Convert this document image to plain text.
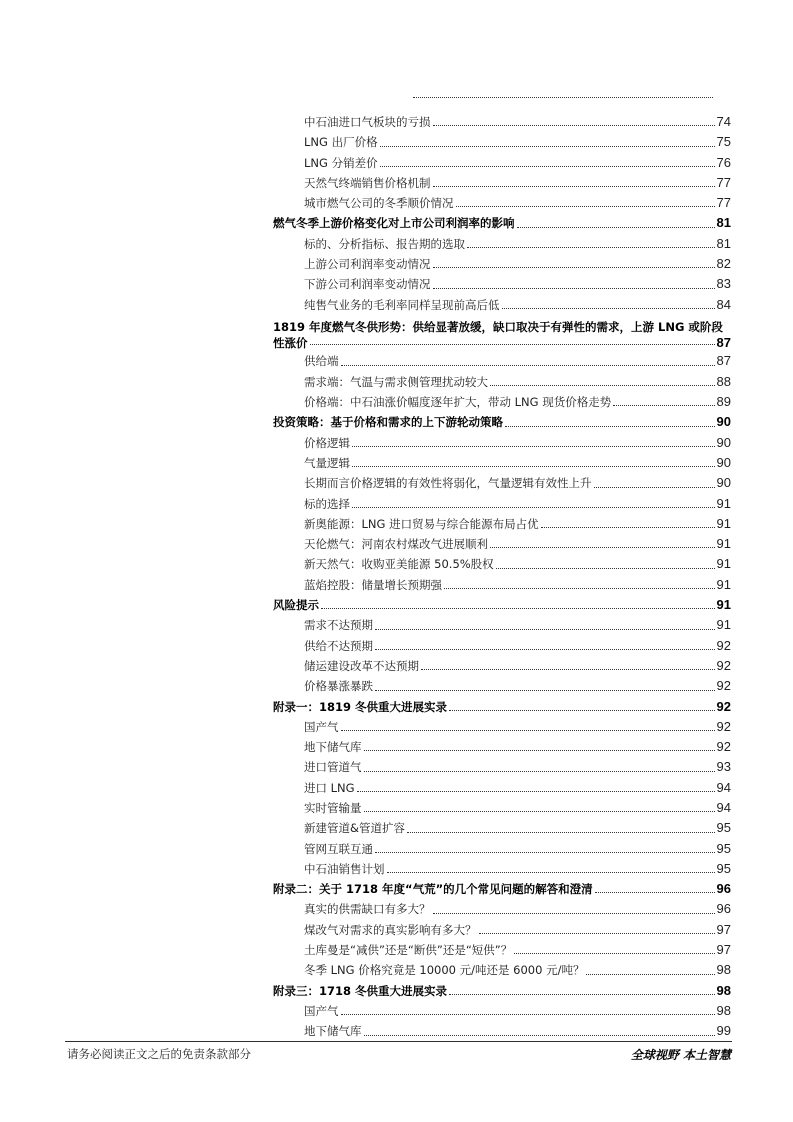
中石油进口气板块的亏损	74
LNG 出厂价格	75
LNG 分销差价	76
天然气终端销售价格机制	77
城市燃气公司的冬季顺价情况	77
燃气冬季上游价格变化对上市公司利润率的影响	81
标的、分析指标、报告期的选取	81
上游公司利润率变动情况	82
下游公司利润率变动情况	83
纯售气业务的毛利率同样呈现前高后低	84
1819 年度燃气冬供形势：供给显著放缓，缺口取决于有弹性的需求，上游 LNG 或阶段
性涨价	87
供给端	87
需求端：气温与需求侧管理扰动较大	88
价格端：中石油涨价幅度逐年扩大，带动 LNG 现货价格走势	89
投资策略：基于价格和需求的上下游轮动策略	90
价格逻辑	90
气量逻辑	90
长期而言价格逻辑的有效性将弱化，气量逻辑有效性上升	90
标的选择	91
新奥能源：LNG 进口贸易与综合能源布局占优	91
天伦燃气：河南农村煤改气进展顺利	91
新天然气：收购亚美能源 50.5%股权	91
蓝焰控股：储量增长预期强	91
风险提示	91
需求不达预期	91
供给不达预期	92
储运建设改革不达预期	92
价格暴涨暴跌	92
附录一：1819 冬供重大进展实录	92
国产气	92
地下储气库	92
进口管道气	93
进口 LNG	94
实时管输量	94
新建管道&管道扩容	95
管网互联互通	95
中石油销售计划	95
附录二：关于 1718 年度“气荒”的几个常见问题的解答和澄清	96
真实的供需缺口有多大？	96
煤改气对需求的真实影响有多大？	97
土库曼是“减供”还是“断供”还是“短供”？	97
冬季 LNG 价格究竟是 10000 元/吨还是 6000 元/吨？	98
附录三：1718 冬供重大进展实录	98
国产气	98
地下储气库	99
请务必阅读正文之后的免责条款部分	全球视野 本土智慧
